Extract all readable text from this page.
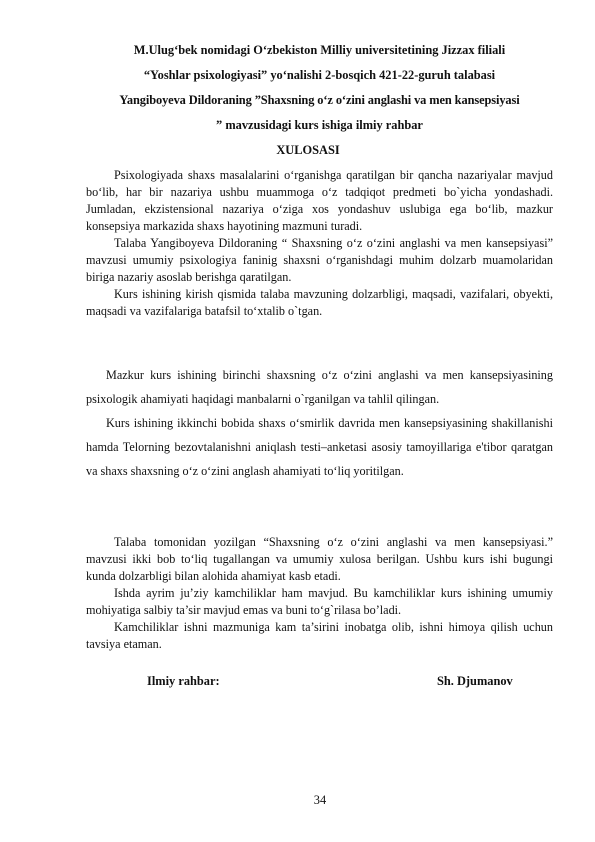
M.Ulug‘bek nomidagi O‘zbekiston Milliy universitetining Jizzax filiali
“Yoshlar psixologiyasi” yo‘nalishi 2-bosqich 421-22-guruh talabasi
Yangiboyeva Dildoraning ”Shaxsning o‘z o‘zini anglashi va men kansepsiyasi
” mavzusidagi kurs ishiga ilmiy rahbar
XULOSASI

Psixologiyada shaxs masalalarini o‘rganishga qaratilgan bir qancha nazariyalar mavjud bo‘lib, har bir nazariya ushbu muammoga o‘z tadqiqot predmeti bo`yicha yondashadi. Jumladan, ekzistensional nazariya o‘ziga xos yondashuv uslubiga ega bo‘lib, mazkur konsepsiya markazida shaxs hayotining mazmuni turadi.

Talaba Yangiboyeva Dildoraning “ Shaxsning o‘z o‘zini anglashi va men kansepsiyasi” mavzusi umumiy psixologiya faninig shaxsni o‘rganishdagi muhim dolzarb muamolaridan biriga nazariy asoslab berishga qaratilgan.

Kurs ishining kirish qismida talaba mavzuning dolzarbligi, maqsadi, vazifalari, obyekti, maqsadi va vazifalariga batafsil to‘xtalib o`tgan.

Mazkur kurs ishining birinchi shaxsning o‘z o‘zini anglashi va men kansepsiyasining psixologik ahamiyati haqidagi manbalarni o`rganilgan va tahlil qilingan.

Kurs ishining ikkinchi bobida shaxs o‘smirlik davrida men kansepsiyasining shakillanishi hamda Telorning bezovtalanishni aniqlash testi–anketasi asosiy tamoyillariga e'tibor qaratgan va shaxs shaxsning o‘z o‘zini anglash ahamiyati to‘liq yoritilgan.

Talaba tomonidan yozilgan “Shaxsning o‘z o‘zini anglashi va men kansepsiyasi.” mavzusi ikki bob to‘liq tugallangan va umumiy xulosa berilgan. Ushbu kurs ishi bugungi kunda dolzarbligi bilan alohida ahamiyat kasb etadi.

Ishda ayrim ju’ziy kamchiliklar ham mavjud. Bu kamchiliklar kurs ishining umumiy mohiyatiga salbiy ta’sir mavjud emas va buni to‘g`rilasa bo’ladi.

Kamchiliklar ishni mazmuniga kam ta’sirini inobatga olib, ishni himoya qilish uchun tavsiya etaman.

Ilmiy rahbar:	Sh. Djumanov
34
